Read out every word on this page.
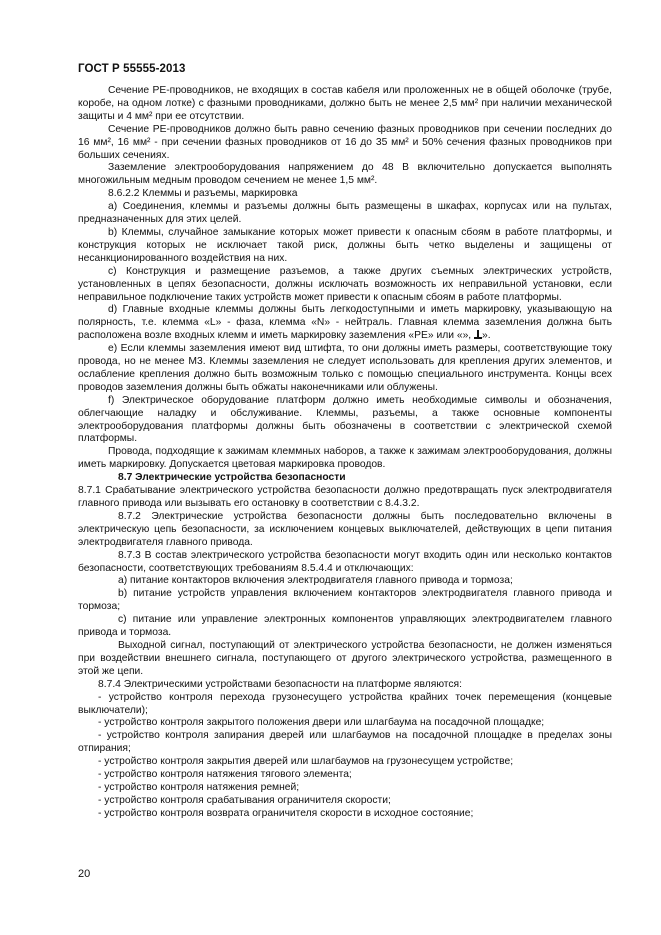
ГОСТ Р 55555-2013

Сечение PE-проводников, не входящих в состав кабеля или проложенных не в общей оболочке (трубе, коробе, на одном лотке) с фазными проводниками, должно быть не менее 2,5 мм² при наличии механической защиты и 4 мм² при ее отсутствии.

Сечение PE-проводников должно быть равно сечению фазных проводников при сечении последних до 16 мм², 16 мм² - при сечении фазных проводников от 16 до 35 мм² и 50% сечения фазных проводников при больших сечениях.

Заземление электрооборудования напряжением до 48 В включительно допускается выполнять многожильным медным проводом сечением не менее 1,5 мм².

8.6.2.2 Клеммы и разъемы, маркировка

a) Соединения, клеммы и разъемы должны быть размещены в шкафах, корпусах или на пультах, предназначенных для этих целей.

b) Клеммы, случайное замыкание которых может привести к опасным сбоям в работе платформы, и конструкция которых не исключает такой риск, должны быть четко выделены и защищены от несанкционированного воздействия на них.

c) Конструкция и размещение разъемов, а также других съемных электрических устройств, установленных в цепях безопасности, должны исключать возможность их неправильной установки, если неправильное подключение таких устройств может привести к опасным сбоям в работе платформы.

d) Главные входные клеммы должны быть легкодоступными и иметь маркировку, указывающую на полярность, т.е. клемма «L» - фаза, клемма «N» - нейтраль. Главная клемма заземления должна быть расположена возле входных клемм и иметь маркировку заземления «PE» или «», ».

e) Если клеммы заземления имеют вид штифта, то они должны иметь размеры, соответствующие току провода, но не менее М3. Клеммы заземления не следует использовать для крепления других элементов, и ослабление крепления должно быть возможным только с помощью специального инструмента. Концы всех проводов заземления должны быть обжаты наконечниками или облужены.

f) Электрическое оборудование платформ должно иметь необходимые символы и обозначения, облегчающие наладку и обслуживание. Клеммы, разъемы, а также основные компоненты электрооборудования платформы должны быть обозначены в соответствии с электрической схемой платформы.

Провода, подходящие к зажимам клеммных наборов, а также к зажимам электрооборудования, должны иметь маркировку. Допускается цветовая маркировка проводов.

8.7 Электрические устройства безопасности

8.7.1 Срабатывание электрического устройства безопасности должно предотвращать пуск электродвигателя главного привода или вызывать его остановку в соответствии с 8.4.3.2.

8.7.2 Электрические устройства безопасности должны быть последовательно включены в электрическую цепь безопасности, за исключением концевых выключателей, действующих в цепи питания электродвигателя главного привода.

8.7.3 В состав электрического устройства безопасности могут входить один или несколько контактов безопасности, соответствующих требованиям 8.5.4.4 и отключающих:

a) питание контакторов включения электродвигателя главного привода и тормоза;

b) питание устройств управления включением контакторов электродвигателя главного привода и тормоза;

c) питание или управление электронных компонентов управляющих электродвигателем главного привода и тормоза.

Выходной сигнал, поступающий от электрического устройства безопасности, не должен изменяться при воздействии внешнего сигнала, поступающего от другого электрического устройства, размещенного в этой же цепи.

8.7.4 Электрическими устройствами безопасности на платформе являются:

- устройство контроля перехода грузонесущего устройства крайних точек перемещения (концевые выключатели);

- устройство контроля закрытого положения двери или шлагбаума на посадочной площадке;

- устройство контроля запирания дверей или шлагбаумов на посадочной площадке в пределах зоны отпирания;

- устройство контроля закрытия дверей или шлагбаумов на грузонесущем устройстве;

- устройство контроля натяжения тягового элемента;

- устройство контроля натяжения ремней;

- устройство контроля срабатывания ограничителя скорости;

- устройство контроля возврата ограничителя скорости в исходное состояние;

20
